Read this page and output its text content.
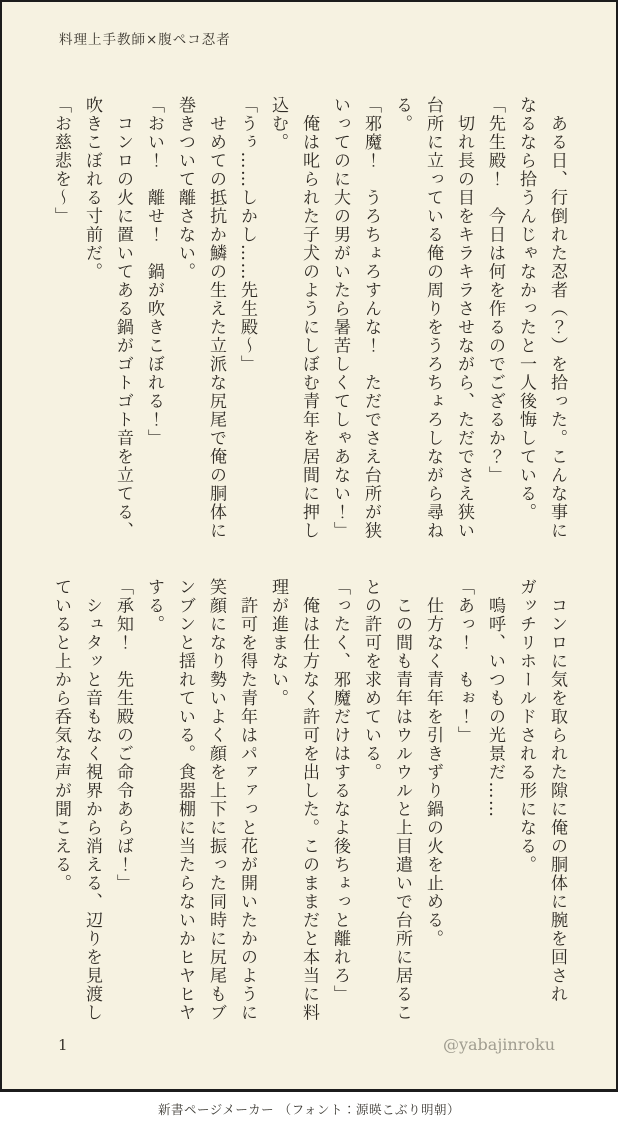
料理上手教師×腹ペコ忍者
　ある日、行倒れた忍者（？）を拾った。こんな事に
なるなら拾うんじゃなかったと一人後悔している。
「先生殿！　今日は何を作るのでござるか？」
　切れ長の目をキラキラさせながら、ただでさえ狭い
台所に立っている俺の周りをうろちょろしながら尋ね
る。
「邪魔！　うろちょろすんな！　ただでさえ台所が狭
いってのに大の男がいたら暑苦しくてしゃあない！」
　俺は叱られた子犬のようにしぼむ青年を居間に押し
込む。
「うぅ……しかし……先生殿〜」
　せめての抵抗か鱗の生えた立派な尻尾で俺の胴体に
巻きついて離さない。
「おい！　離せ！　鍋が吹きこぼれる！」
　コンロの火に置いてある鍋がゴトゴト音を立てる、
吹きこぼれる寸前だ。
「お慈悲を〜」
　コンロに気を取られた隙に俺の胴体に腕を回され
ガッチリホールドされる形になる。
　嗚呼、いつもの光景だ……
「あっ！　もぉ！」
　仕方なく青年を引きずり鍋の火を止める。
　この間も青年はウルウルと上目遣いで台所に居るこ
との許可を求めている。
「ったく、邪魔だけはするなよ後ちょっと離れろ」
　俺は仕方なく許可を出した。このままだと本当に料
理が進まない。
　許可を得た青年はパァァっと花が開いたかのように
笑顔になり勢いよく顔を上下に振った同時に尻尾もブ
ンブンと揺れている。食器棚に当たらないかヒヤヒヤ
する。
「承知！　先生殿のご命令あらば！」
　シュタッと音もなく視界から消える、辺りを見渡し
ていると上から呑気な声が聞こえる。
1	@yabajinroku
新書ページメーカー （フォント：源暎こぶり明朝）
